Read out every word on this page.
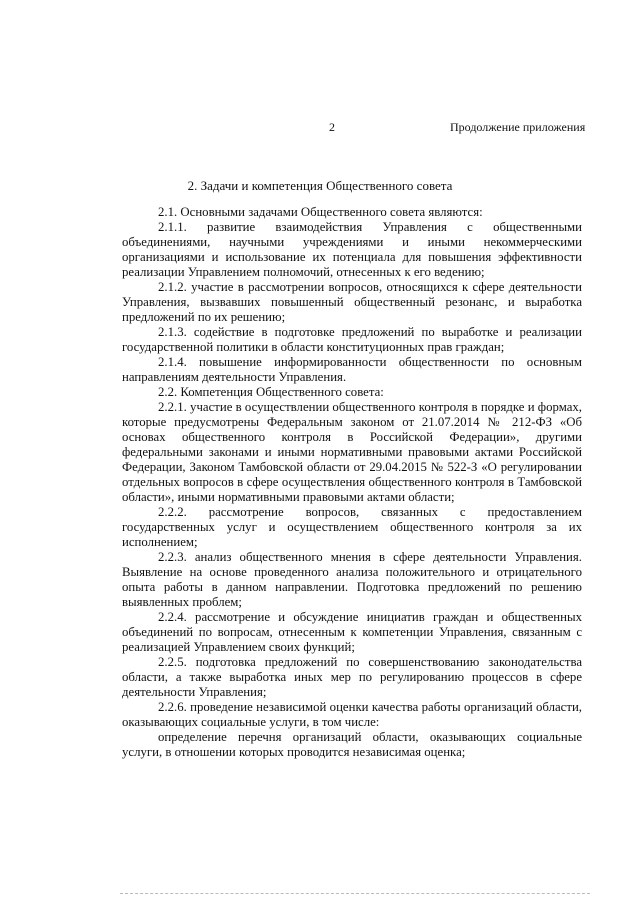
2	Продолжение приложения
2. Задачи и компетенция Общественного совета

2.1. Основными задачами Общественного совета являются:

2.1.1. развитие взаимодействия Управления с общественными объединениями, научными учреждениями и иными некоммерческими организациями и использование их потенциала для повышения эффективности реализации Управлением полномочий, отнесенных к его ведению;

2.1.2. участие в рассмотрении вопросов, относящихся к сфере деятельности Управления, вызвавших повышенный общественный резонанс, и выработка предложений по их решению;

2.1.3. содействие в подготовке предложений по выработке и реализации государственной политики в области конституционных прав граждан;

2.1.4. повышение информированности общественности по основным направлениям деятельности Управления.

2.2. Компетенция Общественного совета:

2.2.1. участие в осуществлении общественного контроля в порядке и формах, которые предусмотрены Федеральным законом от 21.07.2014 № 212-ФЗ «Об основах общественного контроля в Российской Федерации», другими федеральными законами и иными нормативными правовыми актами Российской Федерации, Законом Тамбовской области от 29.04.2015 № 522-З «О регулировании отдельных вопросов в сфере осуществления общественного контроля в Тамбовской области», иными нормативными правовыми актами области;

2.2.2. рассмотрение вопросов, связанных с предоставлением государственных услуг и осуществлением общественного контроля за их исполнением;

2.2.3. анализ общественного мнения в сфере деятельности Управления. Выявление на основе проведенного анализа положительного и отрицательного опыта работы в данном направлении. Подготовка предложений по решению выявленных проблем;

2.2.4. рассмотрение и обсуждение инициатив граждан и общественных объединений по вопросам, отнесенным к компетенции Управления, связанным с реализацией Управлением своих функций;

2.2.5. подготовка предложений по совершенствованию законодательства области, а также выработка иных мер по регулированию процессов в сфере деятельности Управления;

2.2.6. проведение независимой оценки качества работы организаций области, оказывающих социальные услуги, в том числе:

определение перечня организаций области, оказывающих социальные услуги, в отношении которых проводится независимая оценка;
